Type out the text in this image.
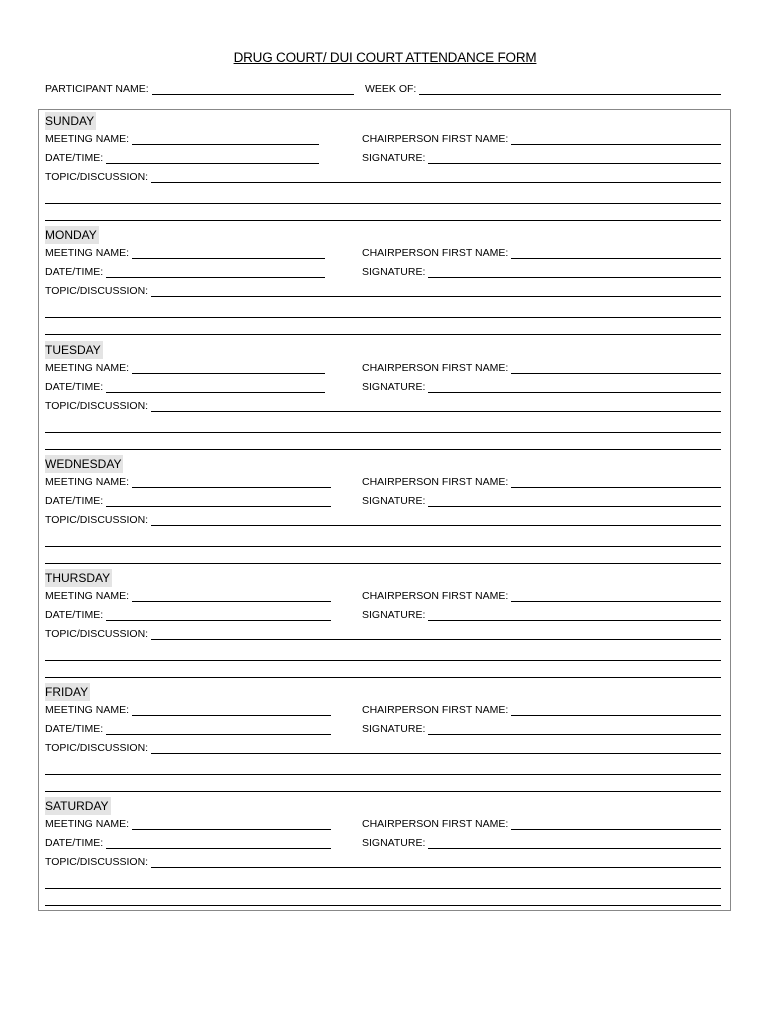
DRUG COURT/ DUI COURT ATTENDANCE FORM
PARTICIPANT NAME:	WEEK OF:
SUNDAY
MEETING NAME:	CHAIRPERSON FIRST NAME:
DATE/TIME:	SIGNATURE:
TOPIC/DISCUSSION:
MONDAY
MEETING NAME:	CHAIRPERSON FIRST NAME:
DATE/TIME:	SIGNATURE:
TOPIC/DISCUSSION:
TUESDAY
MEETING NAME:	CHAIRPERSON FIRST NAME:
DATE/TIME:	SIGNATURE:
TOPIC/DISCUSSION:
WEDNESDAY
MEETING NAME:	CHAIRPERSON FIRST NAME:
DATE/TIME:	SIGNATURE:
TOPIC/DISCUSSION:
THURSDAY
MEETING NAME:	CHAIRPERSON FIRST NAME:
DATE/TIME:	SIGNATURE:
TOPIC/DISCUSSION:
FRIDAY
MEETING NAME:	CHAIRPERSON FIRST NAME:
DATE/TIME:	SIGNATURE:
TOPIC/DISCUSSION:
SATURDAY
MEETING NAME:	CHAIRPERSON FIRST NAME:
DATE/TIME:	SIGNATURE:
TOPIC/DISCUSSION:
